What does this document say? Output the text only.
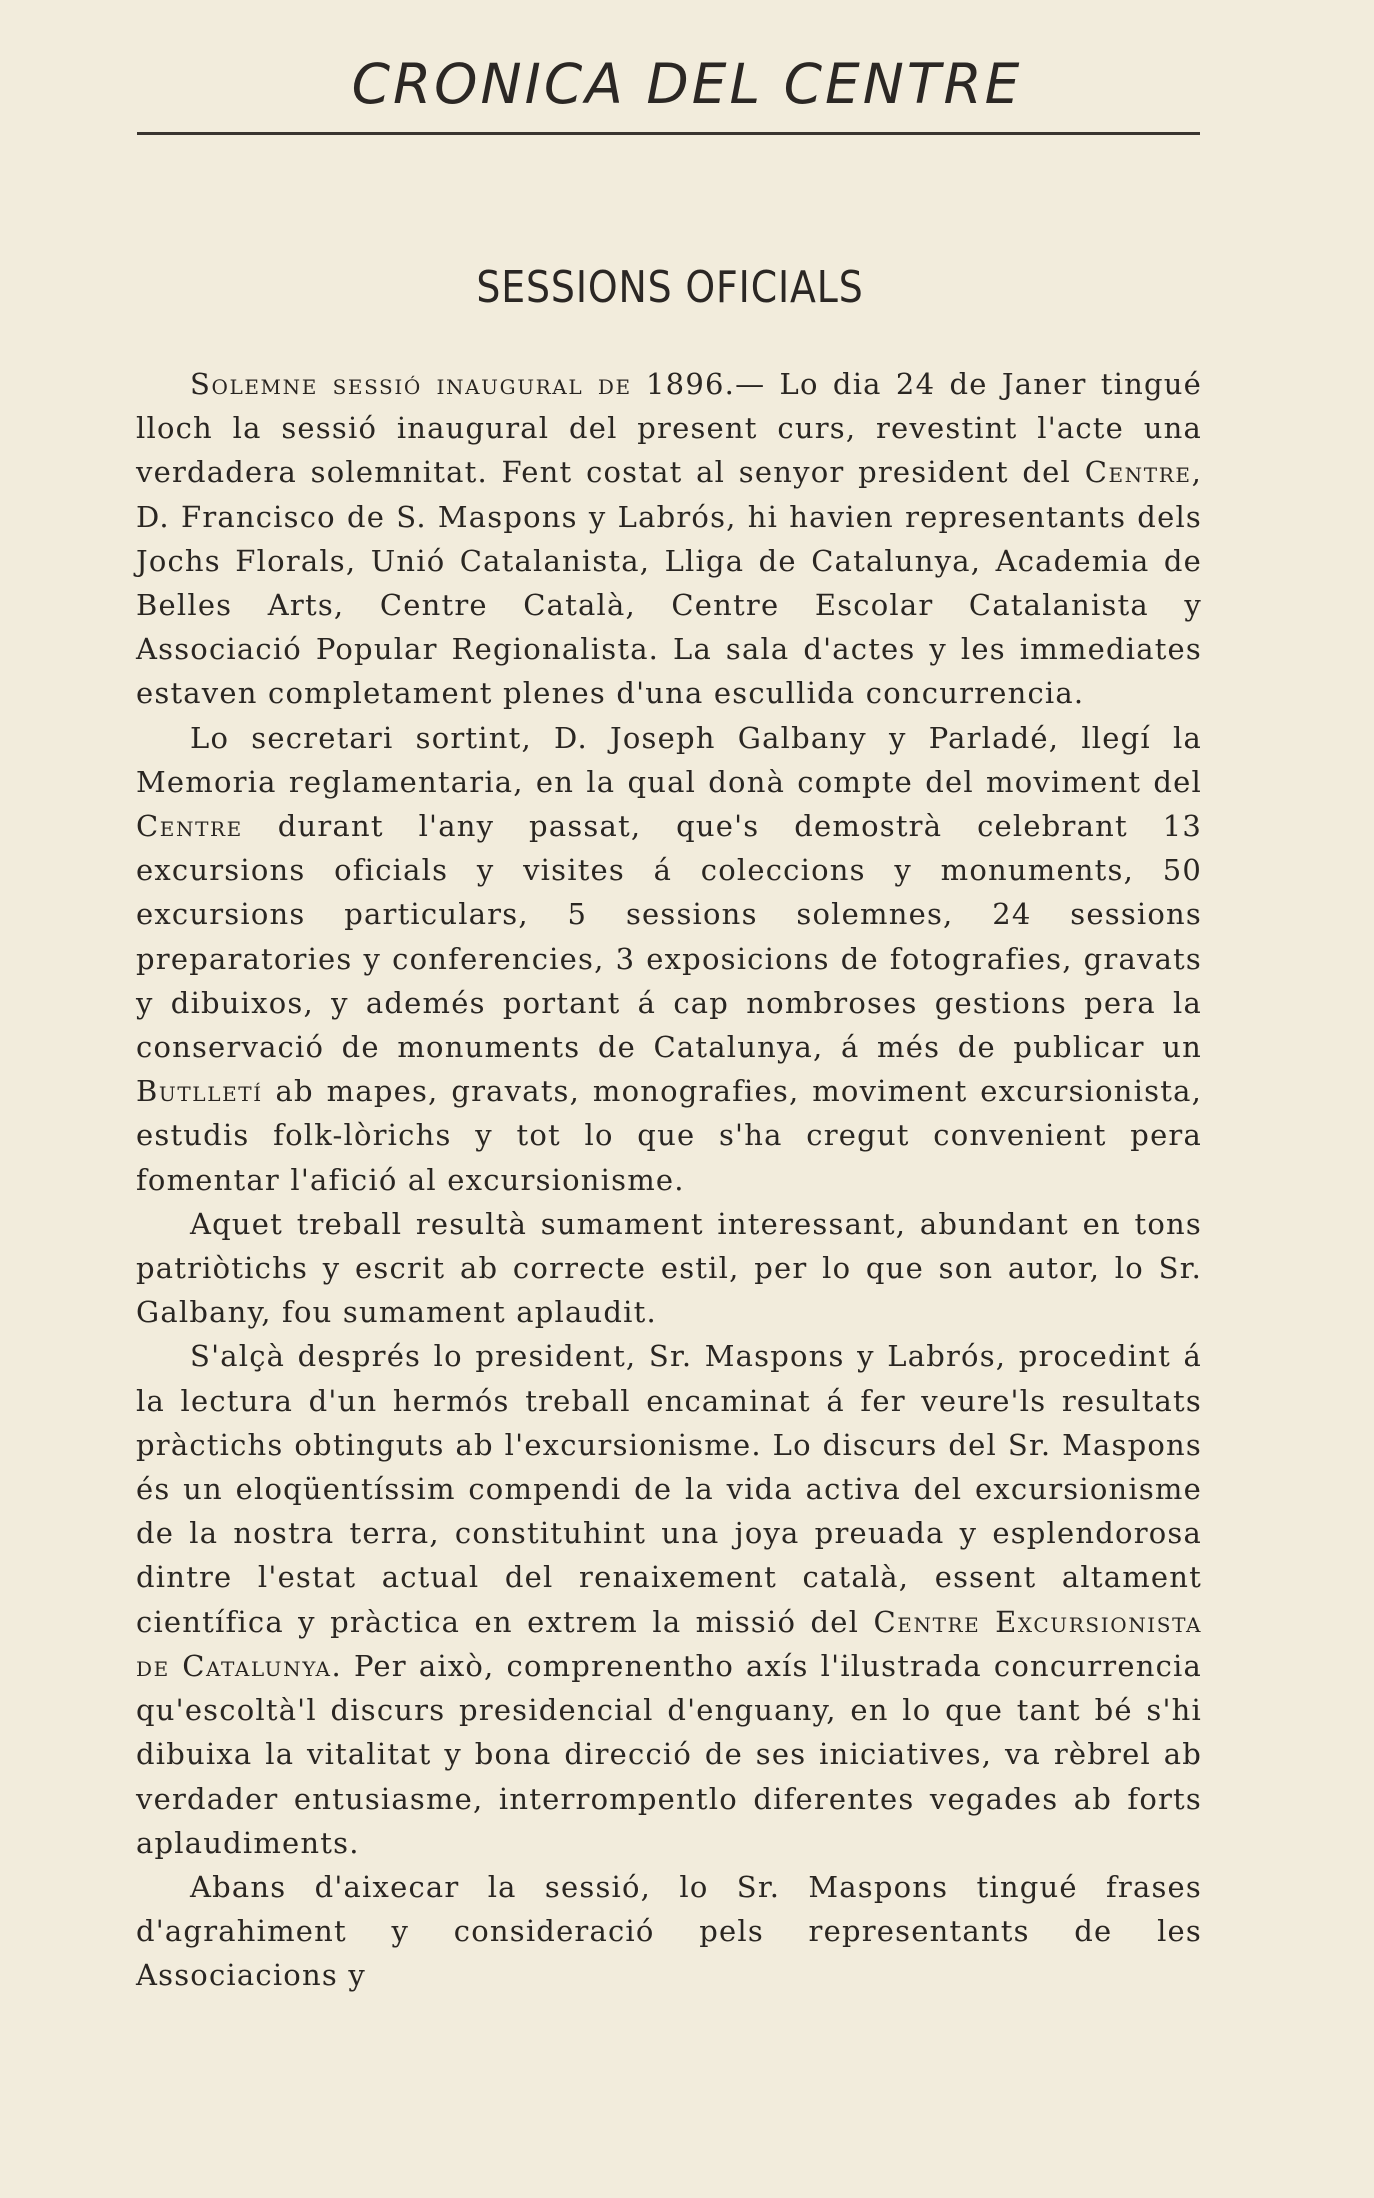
CRONICA DEL CENTRE
SESSIONS OFICIALS

Solemne sessió inaugural de 1896.— Lo dia 24 de Janer tingué lloch la sessió inaugural del present curs, revestint l'acte una verdadera solemnitat. Fent costat al senyor president del Centre, D. Francisco de S. Maspons y Labrós, hi havien representants dels Jochs Florals, Unió Catalanista, Lliga de Catalunya, Academia de Belles Arts, Centre Català, Centre Escolar Catalanista y Associació Popular Regionalista. La sala d'actes y les immediates estaven completament plenes d'una escullida concurrencia.

Lo secretari sortint, D. Joseph Galbany y Parladé, llegí la Memoria reglamentaria, en la qual donà compte del moviment del Centre durant l'any passat, que's demostrà celebrant 13 excursions oficials y visites á coleccions y monuments, 50 excursions particulars, 5 sessions solemnes, 24 sessions preparatories y conferencies, 3 exposicions de fotografies, gravats y dibuixos, y ademés portant á cap nombroses gestions pera la conservació de monuments de Catalunya, á més de publicar un Butlletí ab mapes, gravats, monografies, moviment excursionista, estudis folk-lòrichs y tot lo que s'ha cregut convenient pera fomentar l'afició al excursionisme.

Aquet treball resultà sumament interessant, abundant en tons patriòtichs y escrit ab correcte estil, per lo que son autor, lo Sr. Galbany, fou sumament aplaudit.

S'alçà després lo president, Sr. Maspons y Labrós, procedint á la lectura d'un hermós treball encaminat á fer veure'ls resultats pràctichs obtinguts ab l'excursionisme. Lo discurs del Sr. Maspons és un eloqüentíssim compendi de la vida activa del excursionisme de la nostra terra, constituhint una joya preuada y esplendorosa dintre l'estat actual del renaixement català, essent altament científica y pràctica en extrem la missió del Centre Excursionista de Catalunya. Per això, comprenentho axís l'ilustrada concurrencia qu'escoltà'l discurs presidencial d'enguany, en lo que tant bé s'hi dibuixa la vitalitat y bona direcció de ses iniciatives, va rèbrel ab verdader entusiasme, interrompentlo diferentes vegades ab forts aplaudiments.

Abans d'aixecar la sessió, lo Sr. Maspons tingué frases d'agrahiment y consideració pels representants de les Associacions y
